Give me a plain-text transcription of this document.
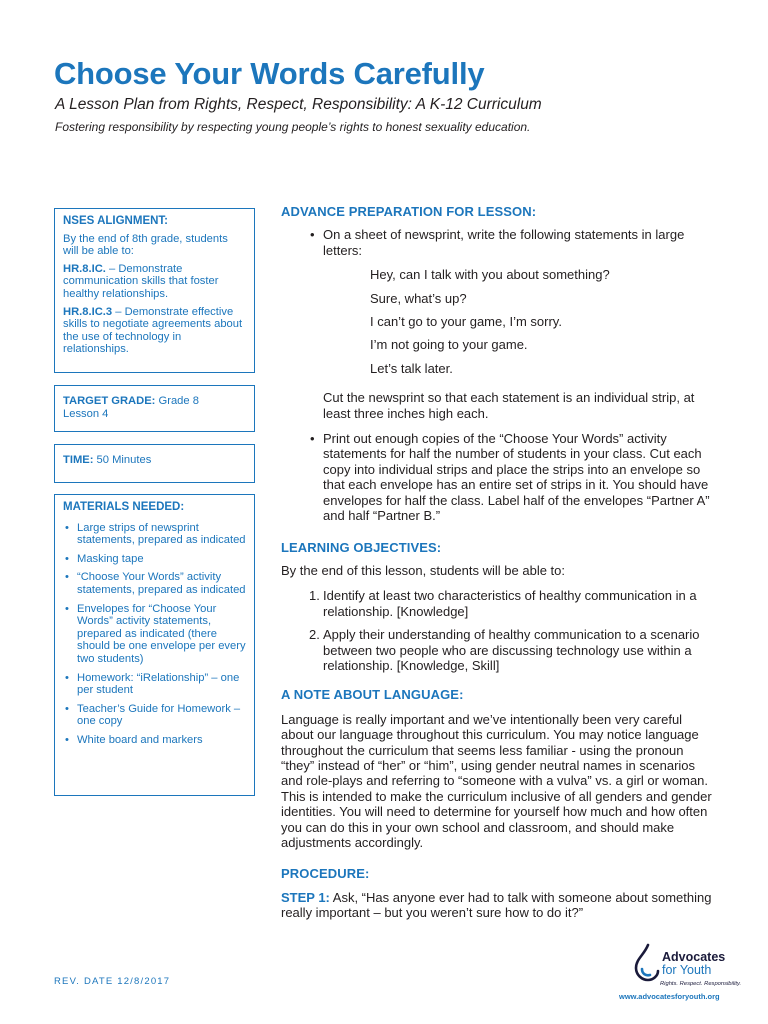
Choose Your Words Carefully
A Lesson Plan from Rights, Respect, Responsibility: A K-12 Curriculum
Fostering responsibility by respecting young people’s rights to honest sexuality education.

NSES ALIGNMENT:

By the end of 8th grade, students will be able to:

HR.8.IC. – Demonstrate communication skills that foster healthy relationships.

HR.8.IC.3 – Demonstrate effective skills to negotiate agreements about the use of technology in relationships.

TARGET GRADE: Grade 8
Lesson 4
TIME: 50 Minutes
MATERIALS NEEDED:
• Large strips of newsprint statements, prepared as indicated
• Masking tape
• “Choose Your Words” activity statements, prepared as indicated
• Envelopes for “Choose Your Words” activity statements, prepared as indicated (there should be one envelope per every two students)
• Homework: “iRelationship” – one per student
• Teacher’s Guide for Homework – one copy
• White board and markers
ADVANCE PREPARATION FOR LESSON:
• On a sheet of newsprint, write the following statements in large letters:
Hey, can I talk with you about something?
Sure, what’s up?
I can’t go to your game, I’m sorry.
I’m not going to your game.
Let’s talk later.
Cut the newsprint so that each statement is an individual strip, at least three inches high each.
• Print out enough copies of the “Choose Your Words” activity statements for half the number of students in your class. Cut each copy into individual strips and place the strips into an envelope so that each envelope has an entire set of strips in it. You should have envelopes for half the class. Label half of the envelopes “Partner A” and half “Partner B.”
LEARNING OBJECTIVES:
By the end of this lesson, students will be able to:
1. Identify at least two characteristics of healthy communication in a relationship. [Knowledge]
2. Apply their understanding of healthy communication to a scenario between two people who are discussing technology use within a relationship. [Knowledge, Skill]
A NOTE ABOUT LANGUAGE:
Language is really important and we’ve intentionally been very careful about our language throughout this curriculum. You may notice language throughout the curriculum that seems less familiar - using the pronoun “they” instead of “her” or “him”, using gender neutral names in scenarios and role-plays and referring to “someone with a vulva” vs. a girl or woman. This is intended to make the curriculum inclusive of all genders and gender identities. You will need to determine for yourself how much and how often you can do this in your own school and classroom, and should make adjustments accordingly.
PROCEDURE:
STEP 1: Ask, “Has anyone ever had to talk with someone about something really important – but you weren’t sure how to do it?”
REV. DATE 12/8/2017
Advocates
for Youth
Rights. Respect. Responsibility.
www.advocatesforyouth.org
